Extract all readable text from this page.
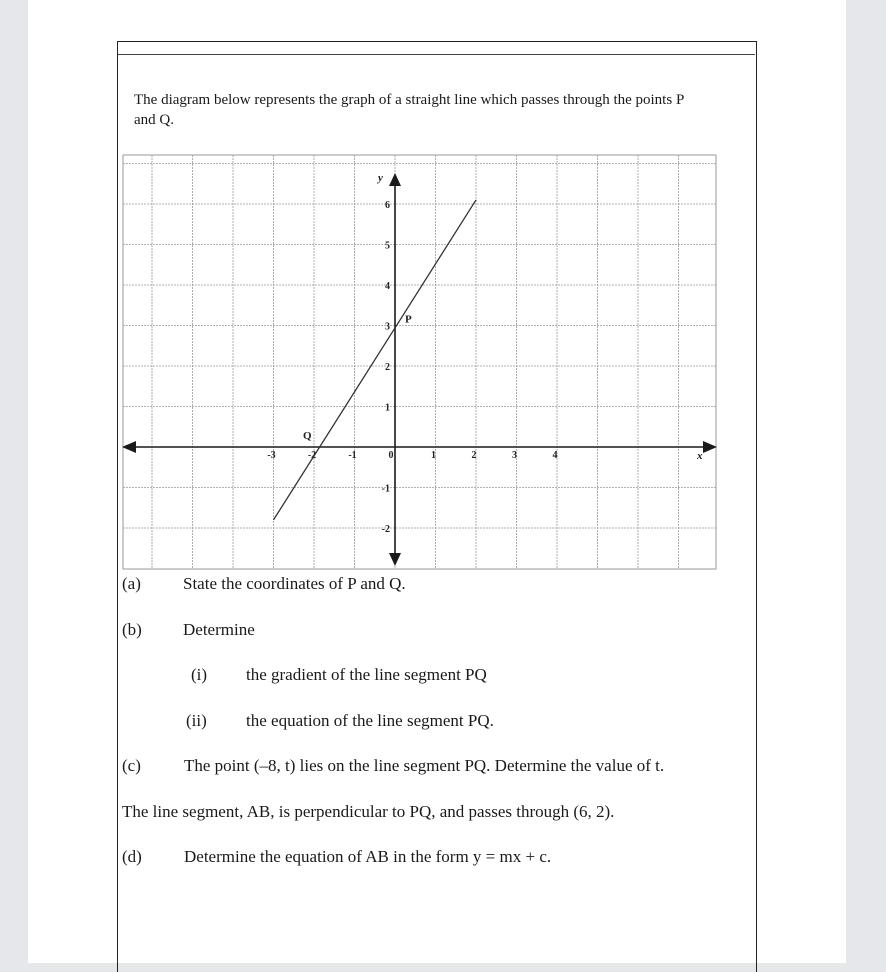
The diagram below represents the graph of a straight line which passes through the points P
and Q.
x
y
-3	-2	-1	0	1	2	3	4
-2
-1
1
2
3
4
5
6
P
Q
(a) State the coordinates of P and Q.
(b) Determine
(i) the gradient of the line segment PQ
(ii) the equation of the line segment PQ.
(c)	The point (–8, t) lies on the line segment PQ. Determine the value of t.
The line segment, AB, is perpendicular to PQ, and passes through (6, 2).
(d) Determine the equation of AB in the form y = mx + c.
